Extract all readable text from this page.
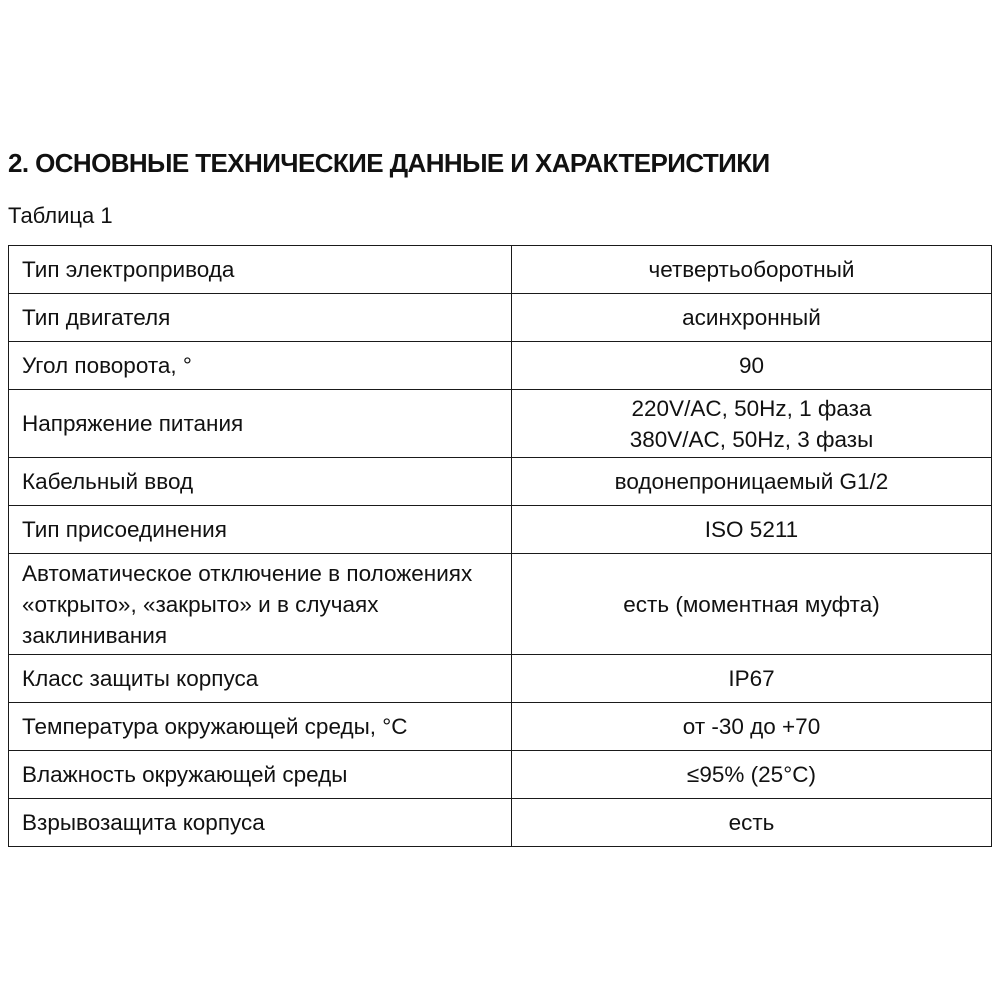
2. ОСНОВНЫЕ ТЕХНИЧЕСКИЕ ДАННЫЕ И ХАРАКТЕРИСТИКИ
Таблица 1
Тип электропривода	четвертьоборотный

Тип двигателя	асинхронный

Угол поворота, °	90

Напряжение питания	220V/AC, 50Hz, 1 фаза
380V/AC, 50Hz, 3 фазы

Кабельный ввод	водонепроницаемый G1/2

Тип присоединения	ISO 5211

Автоматическое отключение в положениях «открыто», «закрыто» и в случаях заклинивания	есть (моментная муфта)

Класс защиты корпуса	IP67

Температура окружающей среды, °C	от -30 до +70

Влажность окружающей среды	≤95% (25°C)

Взрывозащита корпуса	есть
